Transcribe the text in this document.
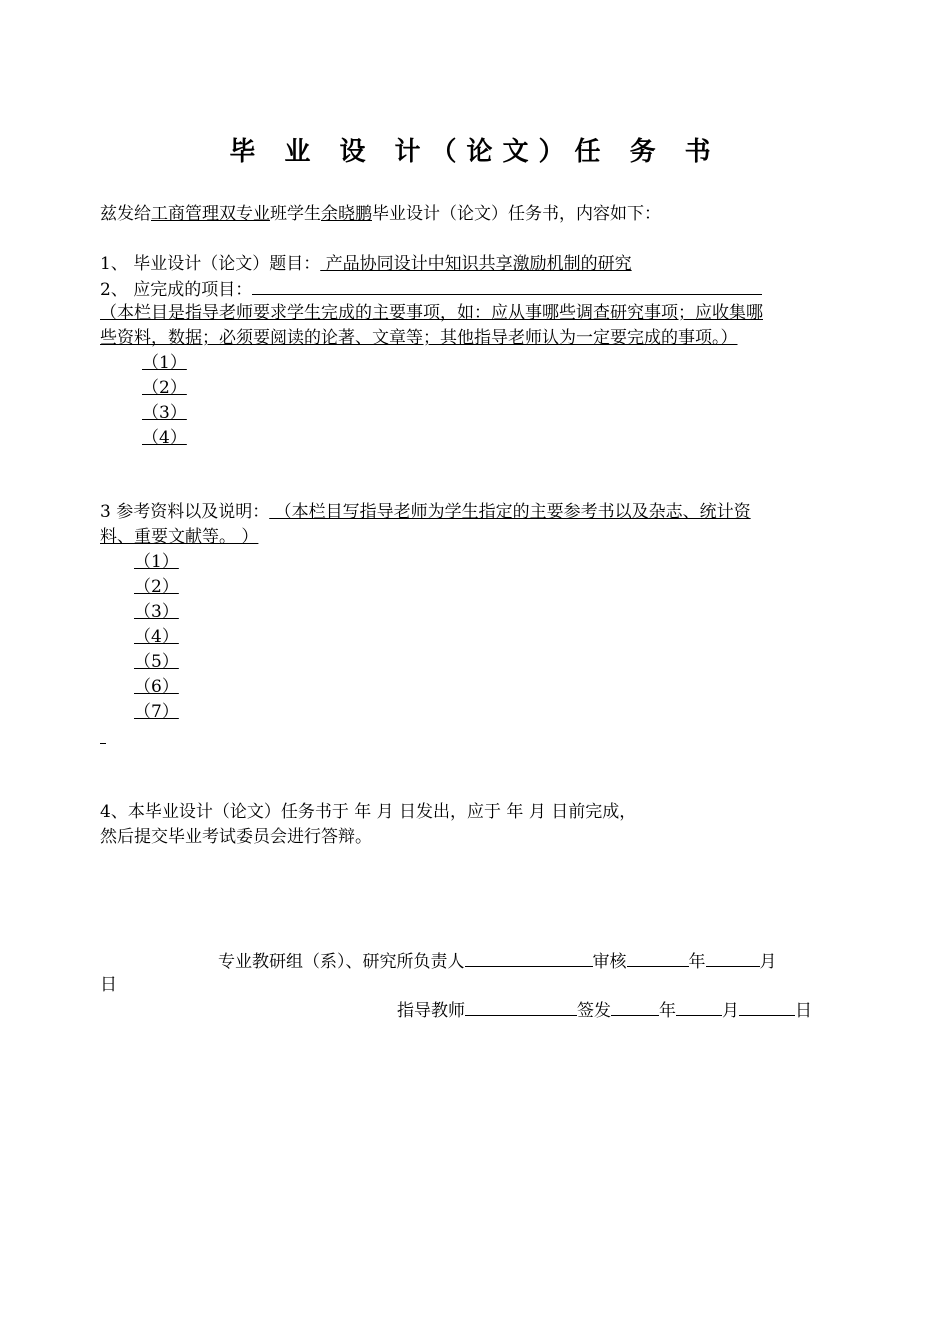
毕 业 设 计（论文）任 务 书
兹发给工商管理双专业班学生余晓鹏毕业设计（论文）任务书，内容如下：
1、 毕业设计（论文）题目： 产品协同设计中知识共享激励机制的研究
2、 应完成的项目：
（本栏目是指导老师要求学生完成的主要事项，如：应从事哪些调查研究事项；应收集哪
些资料，数据；必须要阅读的论著、文章等；其他指导老师认为一定要完成的事项。）
（1）
（2）
（3）
（4）
3 参考资料以及说明： （本栏目写指导老师为学生指定的主要参考书以及杂志、统计资
料、重要文献等。 ）
（1）
（2）
（3）
（4）
（5）
（6）
（7）
4、本毕业设计（论文）任务书于 年 月 日发出，应于 年 月 日前完成，
然后提交毕业考试委员会进行答辩。
专业教研组（系）、研究所负责人	审核	年	月
日
指导教师	签发	年	月	日
